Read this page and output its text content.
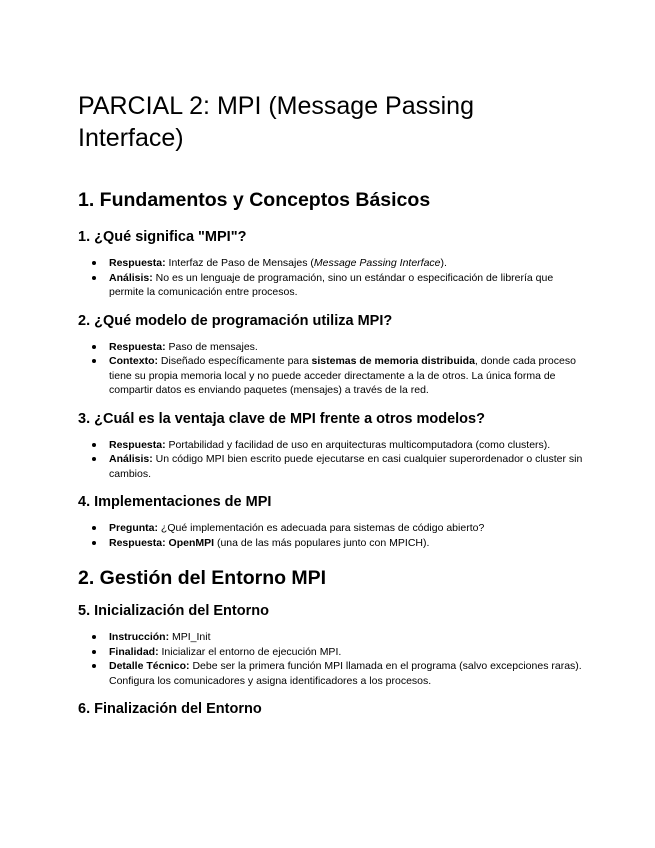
PARCIAL 2: MPI (Message Passing Interface)
1. Fundamentos y Conceptos Básicos
1. ¿Qué significa "MPI"?
Respuesta: Interfaz de Paso de Mensajes (Message Passing Interface).
Análisis: No es un lenguaje de programación, sino un estándar o especificación de librería que permite la comunicación entre procesos.
2. ¿Qué modelo de programación utiliza MPI?
Respuesta: Paso de mensajes.
Contexto: Diseñado específicamente para sistemas de memoria distribuida, donde cada proceso tiene su propia memoria local y no puede acceder directamente a la de otros. La única forma de compartir datos es enviando paquetes (mensajes) a través de la red.
3. ¿Cuál es la ventaja clave de MPI frente a otros modelos?
Respuesta: Portabilidad y facilidad de uso en arquitecturas multicomputadora (como clusters).
Análisis: Un código MPI bien escrito puede ejecutarse en casi cualquier superordenador o cluster sin cambios.
4. Implementaciones de MPI
Pregunta: ¿Qué implementación es adecuada para sistemas de código abierto?
Respuesta: OpenMPI (una de las más populares junto con MPICH).
2. Gestión del Entorno MPI
5. Inicialización del Entorno
Instrucción: MPI_Init
Finalidad: Inicializar el entorno de ejecución MPI.
Detalle Técnico: Debe ser la primera función MPI llamada en el programa (salvo excepciones raras). Configura los comunicadores y asigna identificadores a los procesos.
6. Finalización del Entorno
